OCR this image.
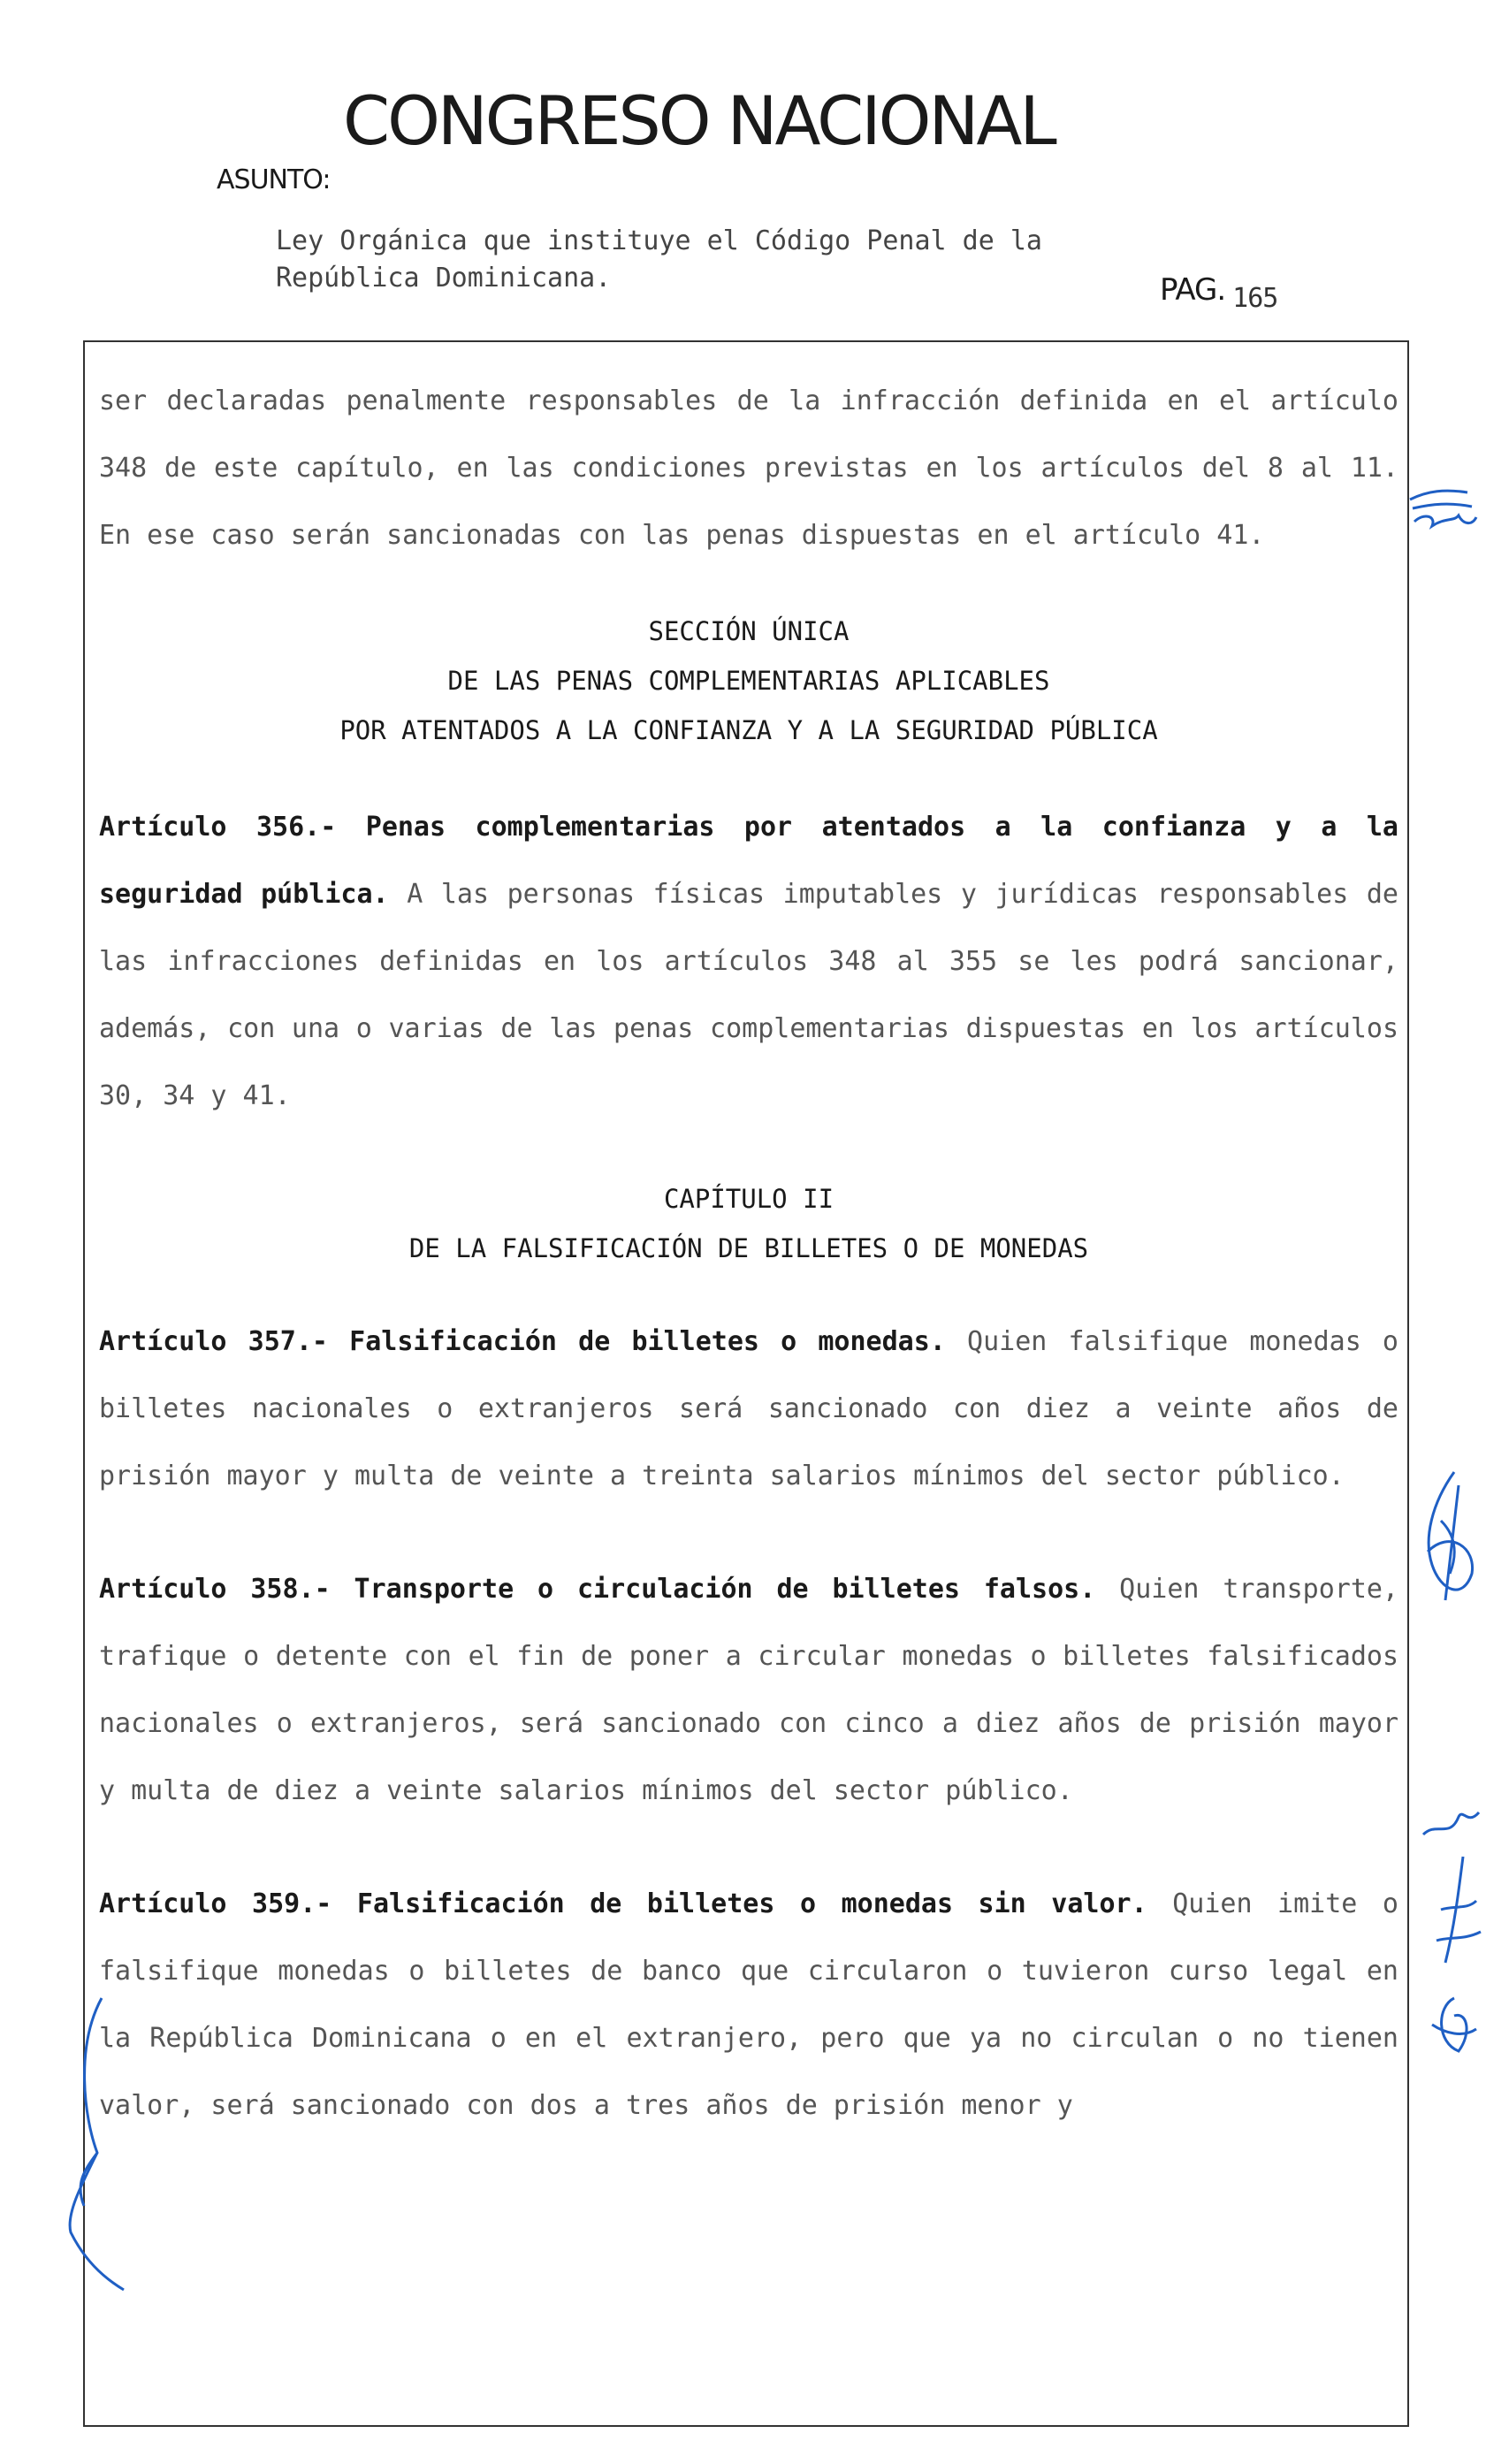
CONGRESO NACIONAL
ASUNTO:
Ley Orgánica que instituye el Código Penal de la
República Dominicana.	PAG. 165

ser declaradas penalmente responsables de la infracción definida en el artículo 348 de este capítulo, en las condiciones previstas en los artículos del 8 al 11. En ese caso serán sancionadas con las penas dispuestas en el artículo 41.

SECCIÓN ÚNICA

DE LAS PENAS COMPLEMENTARIAS APLICABLES

POR ATENTADOS A LA CONFIANZA Y A LA SEGURIDAD PÚBLICA

Artículo 356.- Penas complementarias por atentados a la confianza y a la seguridad pública. A las personas físicas imputables y jurídicas responsables de las infracciones definidas en los artículos 348 al 355 se les podrá sancionar, además, con una o varias de las penas complementarias dispuestas en los artículos 30, 34 y 41.

CAPÍTULO II

DE LA FALSIFICACIÓN DE BILLETES O DE MONEDAS

Artículo 357.- Falsificación de billetes o monedas. Quien falsifique monedas o billetes nacionales o extranjeros será sancionado con diez a veinte años de prisión mayor y multa de veinte a treinta salarios mínimos del sector público.

Artículo 358.- Transporte o circulación de billetes falsos. Quien transporte, trafique o detente con el fin de poner a circular monedas o billetes falsificados nacionales o extranjeros, será sancionado con cinco a diez años de prisión mayor y multa de diez a veinte salarios mínimos del sector público.

Artículo 359.- Falsificación de billetes o monedas sin valor. Quien imite o falsifique monedas o billetes de banco que circularon o tuvieron curso legal en la República Dominicana o en el extranjero, pero que ya no circulan o no tienen valor, será sancionado con dos a tres años de prisión menor y
